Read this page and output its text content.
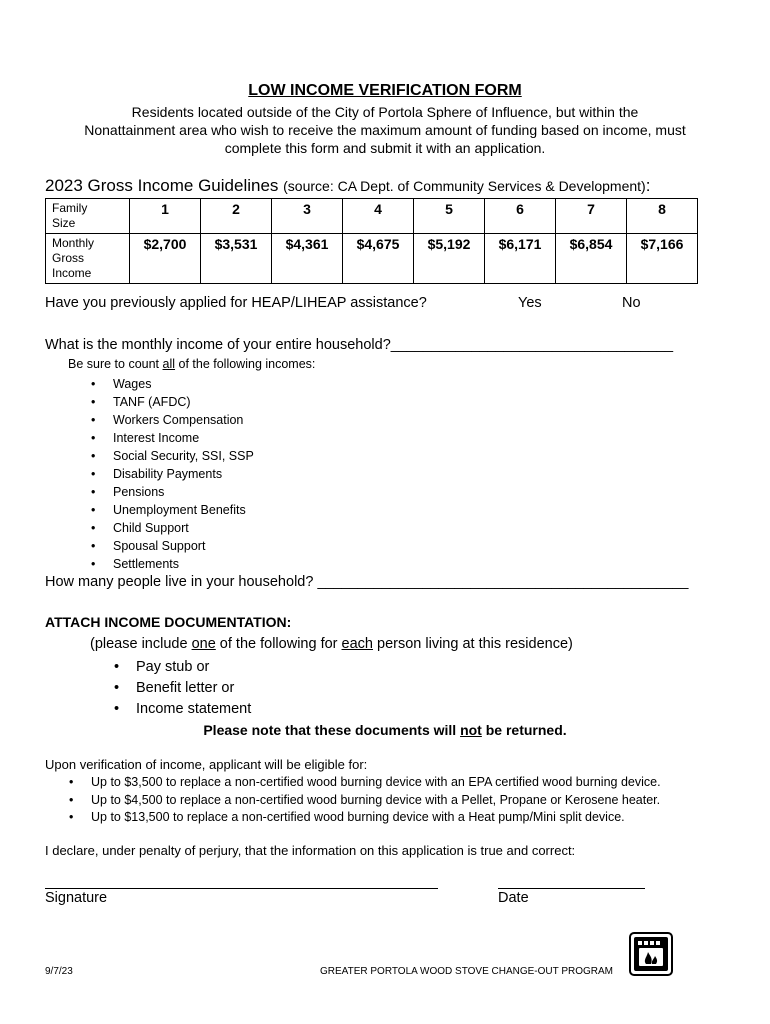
LOW INCOME VERIFICATION FORM
Residents located outside of the City of Portola Sphere of Influence, but within the
Nonattainment area who wish to receive the maximum amount of funding based on income, must
complete this form and submit it with an application.
2023 Gross Income Guidelines (source: CA Dept. of Community Services & Development):
Family
Size	1	2	3	4	5	6	7	8

Monthly
Gross
Income	$2,700	$3,531	$4,361	$4,675	$5,192	$6,171	$6,854	$7,166
Have you previously applied for HEAP/LIHEAP assistance?	Yes	No
What is the monthly income of your entire household?___________________________________
Be sure to count all of the following incomes:
• Wages
• TANF (AFDC)
• Workers Compensation
• Interest Income
• Social Security, SSI, SSP
• Disability Payments
• Pensions
• Unemployment Benefits
• Child Support
• Spousal Support
• Settlements
How many people live in your household? ______________________________________________
ATTACH INCOME DOCUMENTATION:
(please include one of the following for each person living at this residence)
• Pay stub or
• Benefit letter or
• Income statement
Please note that these documents will not be returned.
Upon verification of income, applicant will be eligible for:
• Up to $3,500 to replace a non-certified wood burning device with an EPA certified wood burning device.
• Up to $4,500 to replace a non-certified wood burning device with a Pellet, Propane or Kerosene heater.
• Up to $13,500 to replace a non-certified wood burning device with a Heat pump/Mini split device.
I declare, under penalty of perjury, that the information on this application is true and correct:
Signature	Date
9/7/23	GREATER PORTOLA WOOD STOVE CHANGE-OUT PROGRAM
